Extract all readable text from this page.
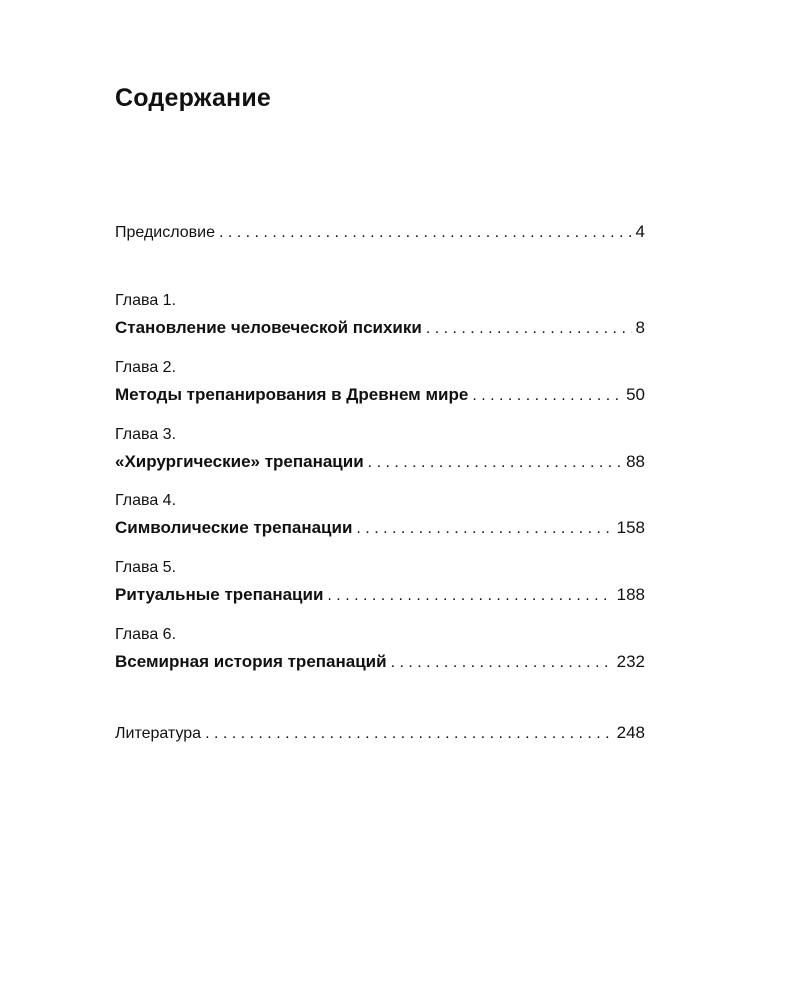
Содержание
Предисловие . . .	4
Глава 1.
Становление человеческой психики . . .	8
Глава 2.
Методы трепанирования в Древнем мире . . .	50
Глава 3.
«Хирургические» трепанации . . .	88
Глава 4.
Символические трепанации . . .	158
Глава 5.
Ритуальные трепанации . . .	188
Глава 6.
Всемирная история трепанаций . . .	232
Литература . . .	248
